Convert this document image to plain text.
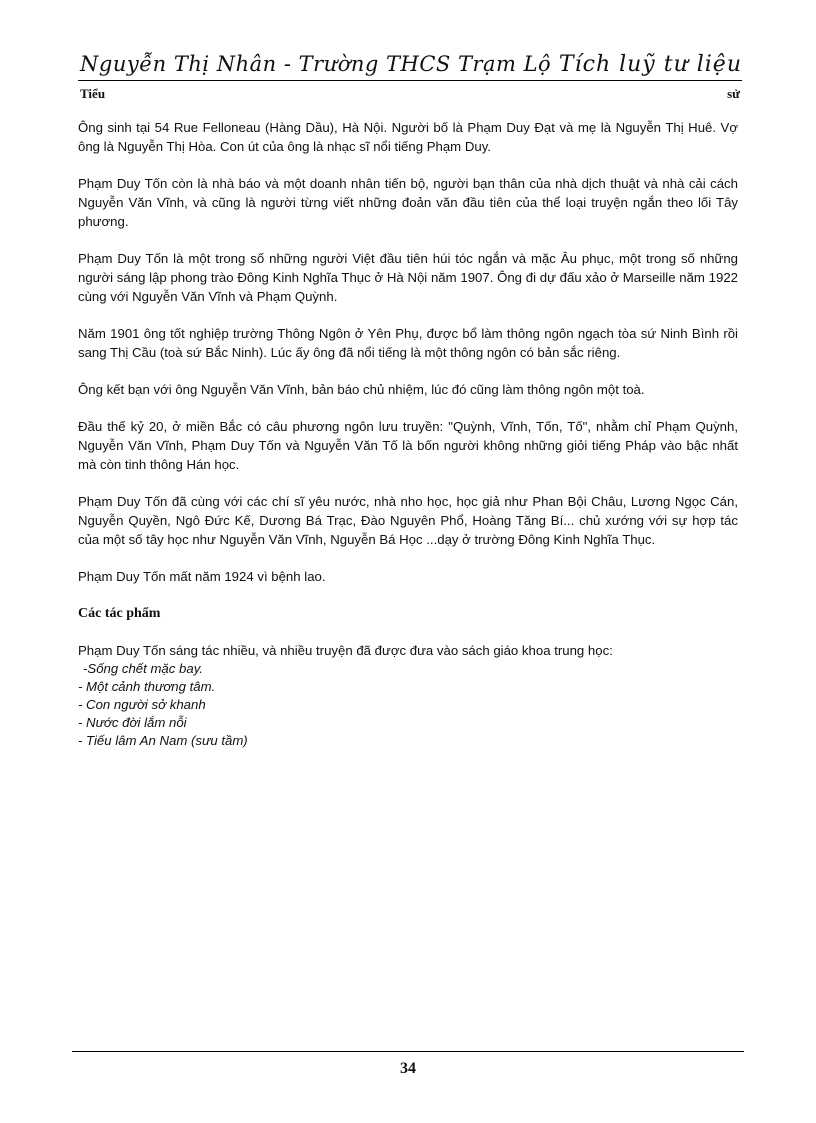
Nguyễn Thị Nhân - Trường THCS Trạm Lộ Tích luỹ tư liệu
Tiểu	sử

Ông sinh tại 54 Rue Felloneau (Hàng Dầu), Hà Nội. Người bố là Phạm Duy Đạt và mẹ là Nguyễn Thị Huê. Vợ ông là Nguyễn Thị Hòa. Con út của ông là nhạc sĩ nổi tiếng Phạm Duy.

Phạm Duy Tốn còn là nhà báo và một doanh nhân tiến bộ, người bạn thân của nhà dịch thuật và nhà cải cách Nguyễn Văn Vĩnh, và cũng là người từng viết những đoản văn đầu tiên của thể loại truyện ngắn theo lối Tây phương.

Phạm Duy Tốn là một trong số những người Việt đầu tiên húi tóc ngắn và mặc Âu phục, một trong số những người sáng lập phong trào Đông Kinh Nghĩa Thục ở Hà Nội năm 1907. Ông đi dự đấu xảo ở Marseille năm 1922 cùng với Nguyễn Văn Vĩnh và Phạm Quỳnh.

Năm 1901 ông tốt nghiệp trường Thông Ngôn ở Yên Phụ, được bổ làm thông ngôn ngạch tòa sứ Ninh Bình rồi sang Thị Cầu (toà sứ Bắc Ninh). Lúc ấy ông đã nổi tiếng là một thông ngôn có bản sắc riêng.

Ông kết bạn với ông Nguyễn Văn Vĩnh, bản báo chủ nhiệm, lúc đó cũng làm thông ngôn một toà.

Đầu thế kỷ 20, ở miền Bắc có câu phương ngôn lưu truyền: "Quỳnh, Vĩnh, Tốn, Tố", nhằm chỉ Phạm Quỳnh, Nguyễn Văn Vĩnh, Phạm Duy Tốn và Nguyễn Văn Tố là bốn người không những giỏi tiếng Pháp vào bậc nhất mà còn tinh thông Hán học.

Phạm Duy Tốn đã cùng với các chí sĩ yêu nước, nhà nho học, học giả như Phan Bội Châu, Lương Ngọc Cán, Nguyễn Quyền, Ngô Đức Kế, Dương Bá Trạc, Đào Nguyên Phổ, Hoàng Tăng Bí... chủ xướng với sự hợp tác của một số tây học như Nguyễn Văn Vĩnh, Nguyễn Bá Học ...dạy ở trường Đông Kinh Nghĩa Thục.

Phạm Duy Tốn mất năm 1924 vì bệnh lao.

Các tác phẩm

Phạm Duy Tốn sáng tác nhiều, và nhiều truyện đã được đưa vào sách giáo khoa trung học:

-Sống chết mặc bay.
- Một cảnh thương tâm.
- Con người sở khanh
- Nước đời lắm nỗi
- Tiếu lâm An Nam (sưu tầm)
34
